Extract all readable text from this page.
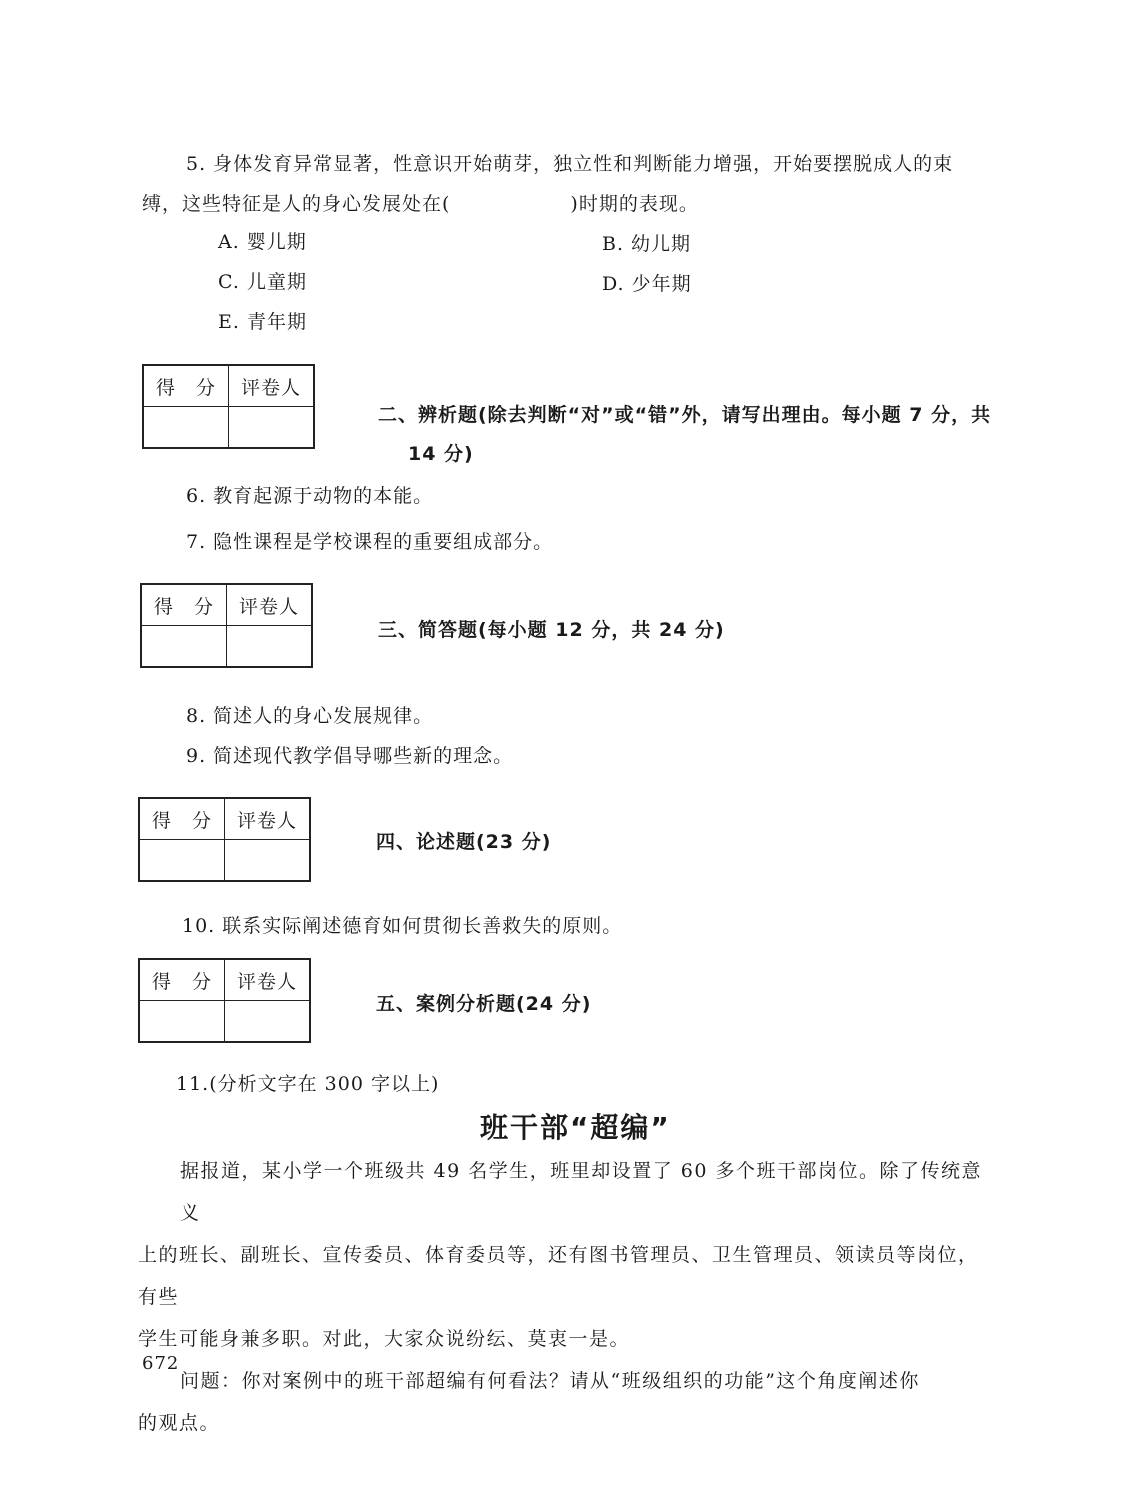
5. 身体发育异常显著，性意识开始萌芽，独立性和判断能力增强，开始要摆脱成人的束
缚，这些特征是人的身心发展处在(　　　　　　)时期的表现。
A. 婴儿期	B. 幼儿期
C. 儿童期	D. 少年期
E. 青年期
得　分	评卷人

二、辨析题(除去判断“对”或“错”外，请写出理由。每小题 7 分，共
14 分)
6. 教育起源于动物的本能。
7. 隐性课程是学校课程的重要组成部分。
得　分	评卷人

三、简答题(每小题 12 分，共 24 分)
8. 简述人的身心发展规律。
9. 简述现代教学倡导哪些新的理念。
得　分	评卷人

四、论述题(23 分)
10. 联系实际阐述德育如何贯彻长善救失的原则。
得　分	评卷人

五、案例分析题(24 分)
11.(分析文字在 300 字以上)
班干部“超编”
据报道，某小学一个班级共 49 名学生，班里却设置了 60 多个班干部岗位。除了传统意义
上的班长、副班长、宣传委员、体育委员等，还有图书管理员、卫生管理员、领读员等岗位，有些
学生可能身兼多职。对此，大家众说纷纭、莫衷一是。
问题：你对案例中的班干部超编有何看法？请从“班级组织的功能”这个角度阐述你
的观点。
672
